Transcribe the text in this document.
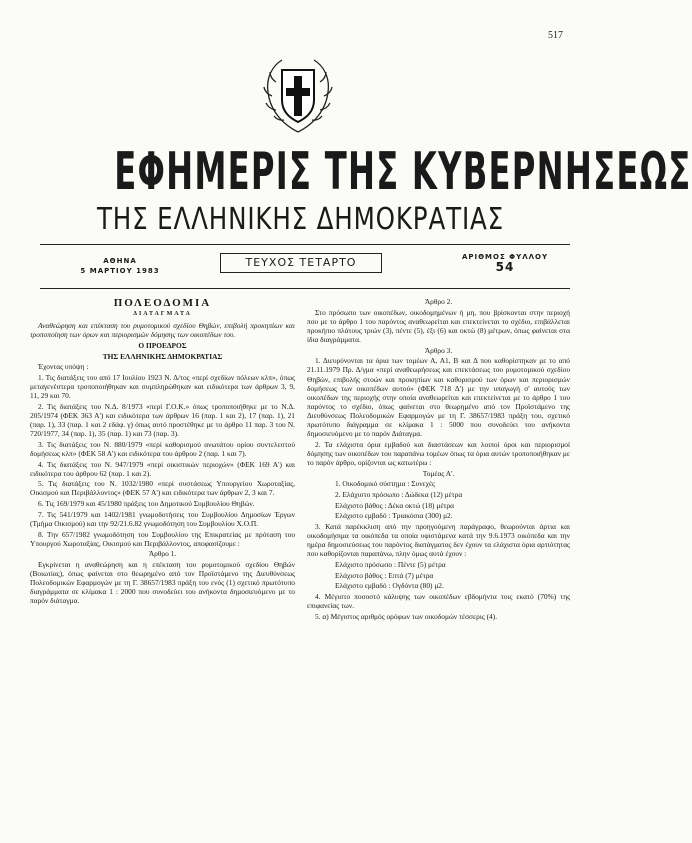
517
ΕΦΗΜΕΡΙΣ ΤΗΣ ΚΥΒΕΡΝΗΣΕΩΣ
ΤΗΣ ΕΛΛΗΝΙΚΗΣ ΔΗΜΟΚΡΑΤΙΑΣ
ΑΘΗΝΑ
5 ΜΑΡΤΙΟΥ 1983
ΤΕΥΧΟΣ ΤΕΤΑΡΤΟ	ΑΡΙΘΜΟΣ ΦΥΛΛΟΥ
54

ΠΟΛΕΟΔΟΜΙΑ

ΔΙΑΤΑΓΜΑΤΑ

Αναθεώρηση και επέκταση του ρυμοτομικού σχεδίου Θηβών, επιβολή προκηπίων και τροποποίηση των όρων και περιορισμών δόμησης των οικοπέδων του.

Ο ΠΡΟΕΔΡΟΣ

ΤΗΣ ΕΛΛΗΝΙΚΗΣ ΔΗΜΟΚΡΑΤΙΑΣ

Έχοντας υπόψη :

1. Τις διατάξεις του από 17 Ιουλίου 1923 Ν. Δ/τος «περί σχεδίων πόλεων κλπ», όπως μεταγενέστερα τροποποιήθηκαν και συμπληρώθηκαν και ειδικότερα των άρθρων 3, 9, 11, 29 και 70.

2. Τις διατάξεις του Ν.Δ. 8/1973 «περί Γ.Ο.Κ.» όπως τροποποιήθηκε με το Ν.Δ. 205/1974 (ΦΕΚ 363 Α') και ειδικότερα των άρθρων 16 (παρ. 1 και 2), 17 (παρ. 1), 21 (παρ. 1), 33 (παρ. 1 και 2 εδάφ. γ) όπως αυτό προστέθηκε με το άρθρο 11 παρ. 3 του Ν. 720/1977, 34 (παρ. 1), 35 (παρ. 1) και 73 (παρ. 3).

3. Τις διατάξεις του Ν. 880/1979 «περί καθορισμού ανωτάτου ορίου συντελεστού δομήσεως κλπ» (ΦΕΚ 58 Α') και ειδικότερα του άρθρου 2 (παρ. 1 και 7).

4. Τις διατάξεις του Ν. 947/1979 «περί οικιστικών περιοχών» (ΦΕΚ 169 Α') και ειδικότερα του άρθρου 62 (παρ. 1 και 2).

5. Τις διατάξεις του Ν. 1032/1980 «περί συστάσεως Υπουργείου Χωροταξίας, Οικισμού και Περιβάλλοντος» (ΦΕΚ 57 Α') και ειδικότερα των άρθρων 2, 3 και 7.

6. Τις 169/1979 και 45/1980 πράξεις του Δημοτικού Συμβουλίου Θηβών.

7. Τις 541/1979 και 1402/1981 γνωμοδοτήσεις του Συμβουλίου Δημοσίων Έργων (Τμήμα Οικισμού) και την 92/21.6.82 γνωμοδότηση του Συμβουλίου Χ.Ο.Π.

8. Την 657/1982 γνωμοδότηση του Συμβουλίου της Επικρατείας με πρόταση του Υπουργού Χωροταξίας, Οικισμού και Περιβάλλοντος, αποφασίζουμε :

Άρθρο 1.

Εγκρίνεται η αναθεώρηση και η επέκταση του ρυμοτομικού σχεδίου Θηβών (Βοιωτίας), όπως φαίνεται στο θεωρημένο από τον Προϊστάμενο της Διευθύνσεως Πολεοδομικών Εφαρμογών με τη Γ. 38657/1983 πράξη του ενός (1) σχετικό πρωτότυπο διαγράμματα σε κλίμακα 1 : 2000 που συνοδεύει του ανήκοντα δημοσιευόμενο με το παρόν διάταγμα.

Άρθρο 2.

Στο πρόσωπο των οικοπέδων, οικοδομημένων ή μη, που βρίσκονται στην περιοχή που με το άρθρο 1 του παρόντος αναθεωρείται και επεκτείνεται το σχέδιο, επιβάλλεται προκήπιο πλάτους τριών (3), πέντε (5), έξι (6) και οκτώ (8) μέτρων, όπως φαίνεται στα ίδια διαγράμματα.

Άρθρο 3.

1. Διευρύνονται τα όρια των τομέων Α, Α1, Β και Δ που καθορίστηκαν με το από 21.11.1979 Πρ. Δ/γμα «περί αναθεωρήσεως και επεκτάσεως του ρυμοτομικού σχεδίου Θηβών, επιβολής στοών και προκηπίων και καθορισμού των όρων και περιορισμών δομήσεως των οικοπέδων αυτού» (ΦΕΚ 718 Δ') με την υπαγωγή σ' αυτούς των οικοπέδων της περιοχής στην οποία αναθεωρείται και επεκτείνεται με το άρθρο 1 του παρόντος το σχέδιο, όπως φαίνεται στο θεωρημένο από τον Προϊστάμενο της Διευθύνσεως Πολεοδομικών Εφαρμογών με τη Γ. 38657/1983 πράξη του, σχετικό πρωτότυπο διάγραμμα σε κλίμακα 1 : 5000 που συνοδεύει του ανήκοντα δημοσιευόμενο με το παρόν Διάταγμα.

2. Τα ελάχιστα όρια εμβαδού και διαστάσεων και λοιποί όροι και περιορισμοί δόμησης των οικοπέδων του παραπάνω τομέων όπως τα όρια αυτών τροποποιήθηκαν με το παρόν άρθρο, ορίζονται ως κατωτέρω :

Τομέας Α'.

1. Οικοδομικό σύστημα : Συνεχές

2. Ελάχιστο πρόσωπο : Δώδεκα (12) μέτρα

Ελάχιστο βάθος : Δέκα οκτώ (18) μέτρα

Ελάχιστο εμβαδό : Τριακόσια (300) μ2.

3. Κατά παρέκκλιση από την προηγούμενη παράγραφο, θεωρούνται άρτια και οικοδομήσιμα τα οικόπεδα τα οποία υφιστάμενα κατά την 9.6.1973 οικόπεδα και την ημέρα δημοσιεύσεως του παρόντος διατάγματος δεν έχουν τα ελάχιστα όρια αρτιότητας που καθορίζονται παραπάνω, πλην όμως αυτά έχουν :

Ελάχιστο πρόσωπο : Πέντε (5) μέτρα

Ελάχιστο βάθος : Επτά (7) μέτρα

Ελάχιστο εμβαδό : Ογδόντα (80) μ2.

4. Μέγιστο ποσοστό κάλυψης των οικοπέδων εβδομήντα τοις εκατό (70%) της επιφανείας των.

5. α) Μέγιστος αριθμός ορόφων των οικοδομών τέσσερις (4).
